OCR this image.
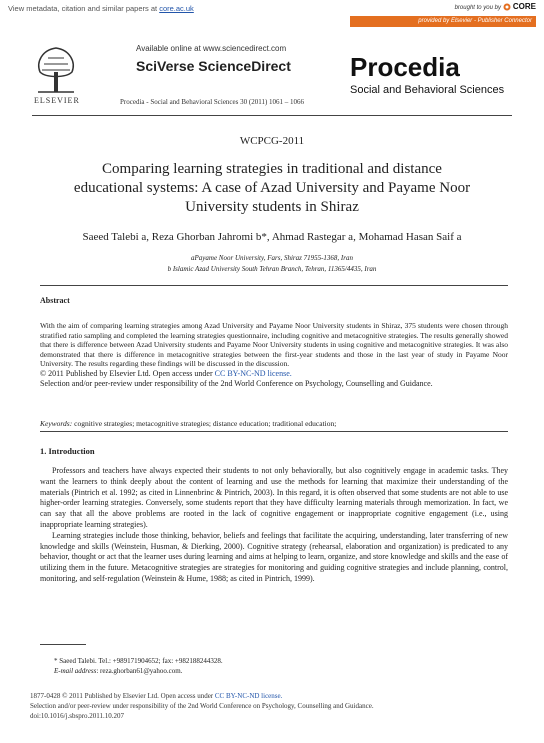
View metadata, citation and similar papers at core.ac.uk	brought to you by CORE
provided by Elsevier - Publisher Connector
ELSEVIER
Available online at www.sciencedirect.com
SciVerse ScienceDirect Procedia
Social and Behavioral Sciences
Procedia - Social and Behavioral Sciences 30 (2011) 1061 – 1066
WCPCG-2011
Comparing learning strategies in traditional and distance
educational systems: A case of Azad University and Payame Noor
University students in Shiraz
Saeed Talebi a, Reza Ghorban Jahromi b*, Ahmad Rastegar a, Mohamad Hasan Saif a
aPayame Noor University, Fars, Shiraz 71955-1368, Iran
b Islamic Azad University South Tehran Branch, Tehran, 11365/4435, Iran
Abstract

With the aim of comparing learning strategies among Azad University and Payame Noor University students in Shiraz, 375 students were chosen through stratified ratio sampling and completed the learning strategies questionnaire, including cognitive and metacognitive strategies. The results generally showed that there is difference between Azad University students and Payame Noor University students in using cognitive and metacognitive strategies. It was also demonstrated that there is difference in metacognitive strategies between the first-year students and those in the last year of study in Payame Noor University. The results regarding these findings will be discussed in the discussion.

© 2011 Published by Elsevier Ltd. Open access under CC BY-NC-ND license.

Selection and/or peer-review under responsibility of the 2nd World Conference on Psychology, Counselling and Guidance.

Keywords: cognitive strategies; metacognitive strategies; distance education; traditional education;
1. Introduction

Professors and teachers have always expected their students to not only behaviorally, but also cognitively engage in academic tasks. They want the learners to think deeply about the content of learning and use the methods for learning that maximize their understanding of the materials (Pintrich et al. 1992; as cited in Linnenbrinc & Pintrich, 2003). In this regard, it is often observed that some students are not able to use higher-order learning strategies. Conversely, some students report that they have difficulty learning materials through memorization. In fact, we can say that all the above problems are rooted in the lack of cognitive engagement or inappropriate cognitive engagement (i.e., using inappropriate learning strategies).

Learning strategies include those thinking, behavior, beliefs and feelings that facilitate the acquiring, understanding, later transferring of new knowledge and skills (Weinstein, Husman, & Dierking, 2000). Cognitive strategy (rehearsal, elaboration and organization) is predicated to any behavior, thought or act that the learner uses during learning and aims at helping to learn, organize, and store knowledge and skills and the ease of utilizing them in the future. Metacognitive strategies are strategies for monitoring and guiding cognitive strategies and include planning, control, monitoring, and self-regulation (Weinstein & Hume, 1988; as cited in Pintrich, 1999).

* Saeed Talebi. Tel.: +989171904652; fax: +982188244328.
E-mail address: reza.ghorban61@yahoo.com.
1877-0428 © 2011 Published by Elsevier Ltd. Open access under CC BY-NC-ND license.
Selection and/or peer-review under responsibility of the 2nd World Conference on Psychology, Counselling and Guidance.
doi:10.1016/j.sbspro.2011.10.207
